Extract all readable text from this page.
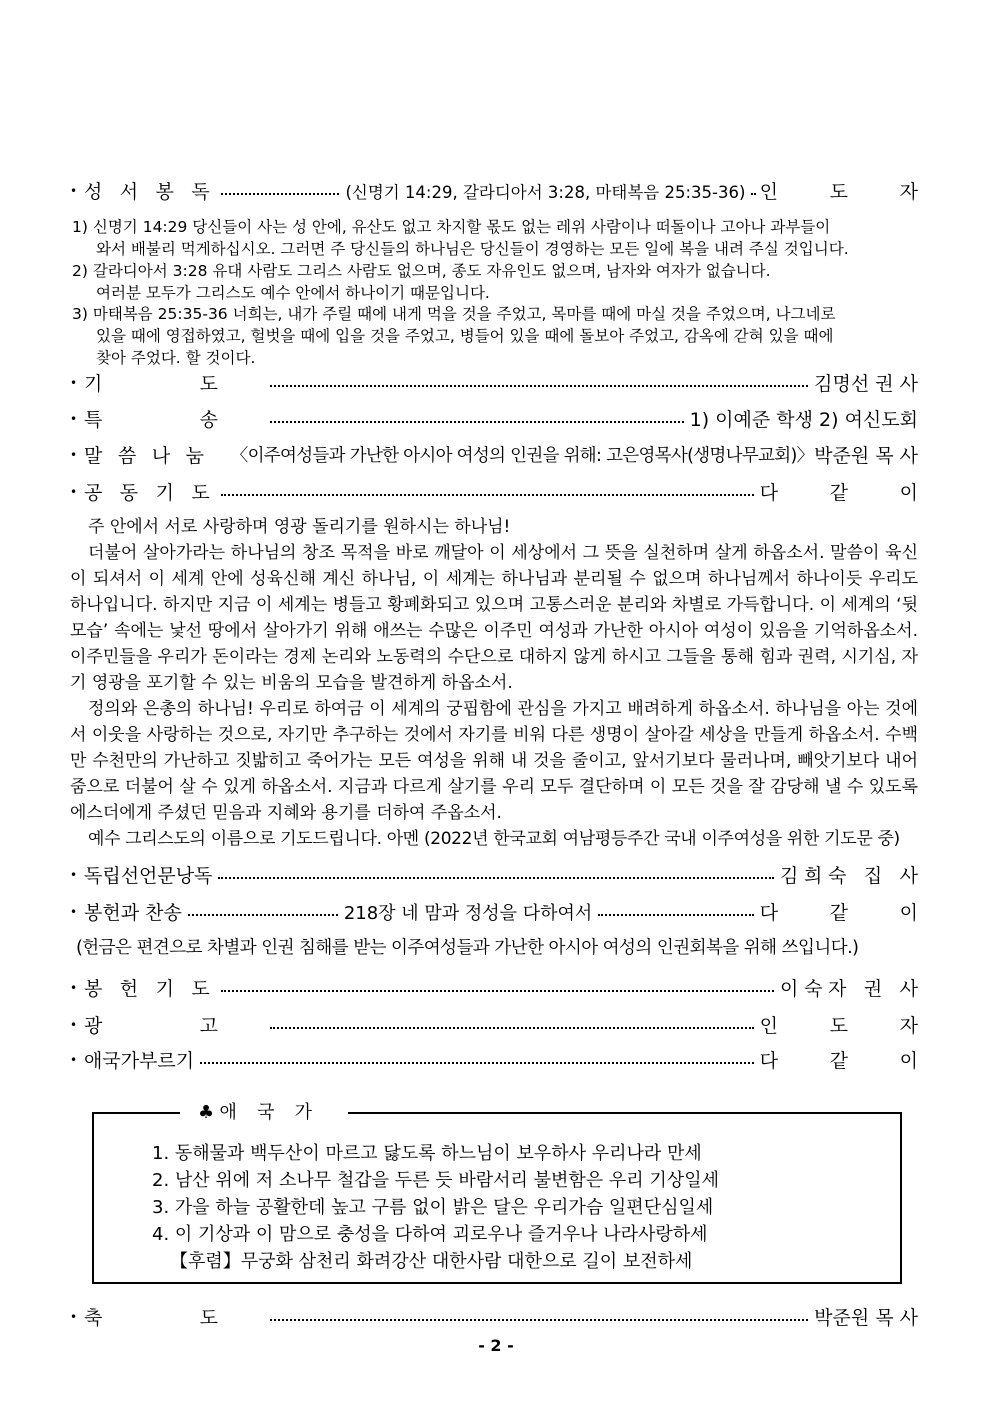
• 성 서 봉 독	(신명기 14:29, 갈라디아서 3:28, 마태복음 25:35-36) 인 도 자
1) 신명기 14:29 당신들이 사는 성 안에, 유산도 없고 차지할 몫도 없는 레위 사람이나 떠돌이나 고아나 과부들이
와서 배불리 먹게하십시오. 그러면 주 당신들의 하나님은 당신들이 경영하는 모든 일에 복을 내려 주실 것입니다.
2) 갈라디아서 3:28 유대 사람도 그리스 사람도 없으며, 종도 자유인도 없으며, 남자와 여자가 없습니다.
여러분 모두가 그리스도 예수 안에서 하나이기 때문입니다.
3) 마태복음 25:35-36 너희는, 내가 주릴 때에 내게 먹을 것을 주었고, 목마를 때에 마실 것을 주었으며, 나그네로
있을 때에 영접하였고, 헐벗을 때에 입을 것을 주었고, 병들어 있을 때에 돌보아 주었고, 감옥에 갇혀 있을 때에
찾아 주었다. 할 것이다.
• 기 도	김명선 권 사
• 특 송	1) 이예준 학생 2) 여신도회
• 말 씀 나 눔 〈이주여성들과 가난한 아시아 여성의 인권을 위해: 고은영목사(생명나무교회)〉 박준원 목 사
• 공 동 기 도	다 같 이

주 안에서 서로 사랑하며 영광 돌리기를 원하시는 하나님!

더불어 살아가라는 하나님의 창조 목적을 바로 깨달아 이 세상에서 그 뜻을 실천하며 살게 하옵소서. 말씀이 육신이 되셔서 이 세계 안에 성육신해 계신 하나님, 이 세계는 하나님과 분리될 수 없으며 하나님께서 하나이듯 우리도 하나입니다. 하지만 지금 이 세계는 병들고 황폐화되고 있으며 고통스러운 분리와 차별로 가득합니다. 이 세계의 ‘뒷모습’ 속에는 낯선 땅에서 살아가기 위해 애쓰는 수많은 이주민 여성과 가난한 아시아 여성이 있음을 기억하옵소서. 이주민들을 우리가 돈이라는 경제 논리와 노동력의 수단으로 대하지 않게 하시고 그들을 통해 힘과 권력, 시기심, 자기 영광을 포기할 수 있는 비움의 모습을 발견하게 하옵소서.

정의와 은총의 하나님! 우리로 하여금 이 세계의 궁핍함에 관심을 가지고 배려하게 하옵소서. 하나님을 아는 것에서 이웃을 사랑하는 것으로, 자기만 추구하는 것에서 자기를 비워 다른 생명이 살아갈 세상을 만들게 하옵소서. 수백만 수천만의 가난하고 짓밟히고 죽어가는 모든 여성을 위해 내 것을 줄이고, 앞서기보다 물러나며, 빼앗기보다 내어줌으로 더불어 살 수 있게 하옵소서. 지금과 다르게 살기를 우리 모두 결단하며 이 모든 것을 잘 감당해 낼 수 있도록 에스더에게 주셨던 믿음과 지혜와 용기를 더하여 주옵소서.

예수 그리스도의 이름으로 기도드립니다. 아멘 (2022년 한국교회 여남평등주간 국내 이주여성을 위한 기도문 중)

• 독립선언문낭독	김희숙 집 사
• 봉헌과 찬송	218장 네 맘과 정성을 다하여서	다 같 이
(헌금은 편견으로 차별과 인권 침해를 받는 이주여성들과 가난한 아시아 여성의 인권회복을 위해 쓰입니다.)
• 봉 헌 기 도	이숙자 권 사
• 광 고	인 도 자
• 애국가부르기	다 같 이
♣애 국 가
1. 동해물과 백두산이 마르고 닳도록 하느님이 보우하사 우리나라 만세
2. 남산 위에 저 소나무 철갑을 두른 듯 바람서리 불변함은 우리 기상일세
3. 가을 하늘 공활한데 높고 구름 없이 밝은 달은 우리가슴 일편단심일세
4. 이 기상과 이 맘으로 충성을 다하여 괴로우나 즐거우나 나라사랑하세
【후렴】무궁화 삼천리 화려강산 대한사람 대한으로 길이 보전하세
• 축 도	박준원 목 사
- 2 -
